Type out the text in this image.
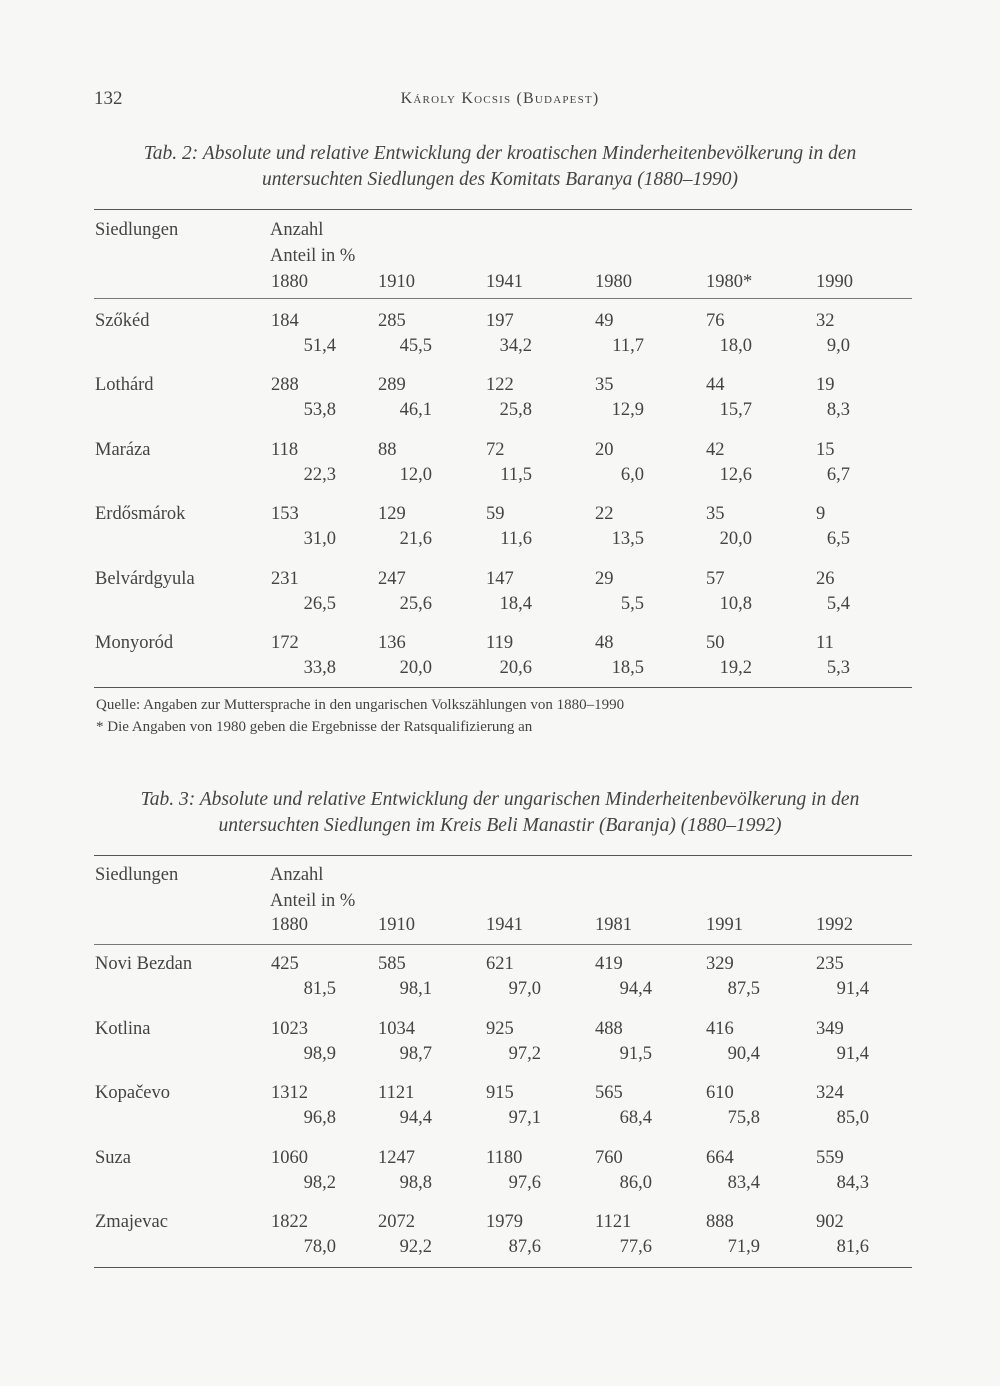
132	Károly Kocsis (Budapest)
Tab. 2: Absolute und relative Entwicklung der kroatischen Minderheitenbevölkerung in den
untersuchten Siedlungen des Komitats Baranya (1880–1990)
Siedlungen	Anzahl
Anteil in %
1880	1910	1941	1980	1980*	1990
Szőkéd	184	285	197	49	76	32
51,4	45,5	34,2	11,7	18,0	9,0
Lothárd	288	289	122	35	44	19
53,8	46,1	25,8	12,9	15,7	8,3
Maráza	118	88	72	20	42	15
22,3	12,0	11,5	6,0	12,6	6,7
Erdősmárok	153	129	59	22	35	9
31,0	21,6	11,6	13,5	20,0	6,5
Belvárdgyula	231	247	147	29	57	26
26,5	25,6	18,4	5,5	10,8	5,4
Monyoród	172	136	119	48	50	11
33,8	20,0	20,6	18,5	19,2	5,3
Quelle: Angaben zur Muttersprache in den ungarischen Volkszählungen von 1880–1990
* Die Angaben von 1980 geben die Ergebnisse der Ratsqualifizierung an
Tab. 3: Absolute und relative Entwicklung der ungarischen Minderheitenbevölkerung in den
untersuchten Siedlungen im Kreis Beli Manastir (Baranja) (1880–1992)
Siedlungen	Anzahl
Anteil in %
1880	1910	1941	1981	1991	1992
Novi Bezdan	425	585	621	419	329	235
81,5	98,1	97,0	94,4	87,5	91,4
Kotlina	1023	1034	925	488	416	349
98,9	98,7	97,2	91,5	90,4	91,4
Kopačevo	1312	1121	915	565	610	324
96,8	94,4	97,1	68,4	75,8	85,0
Suza	1060	1247	1180	760	664	559
98,2	98,8	97,6	86,0	83,4	84,3
Zmajevac	1822	2072	1979	1121	888	902
78,0	92,2	87,6	77,6	71,9	81,6
